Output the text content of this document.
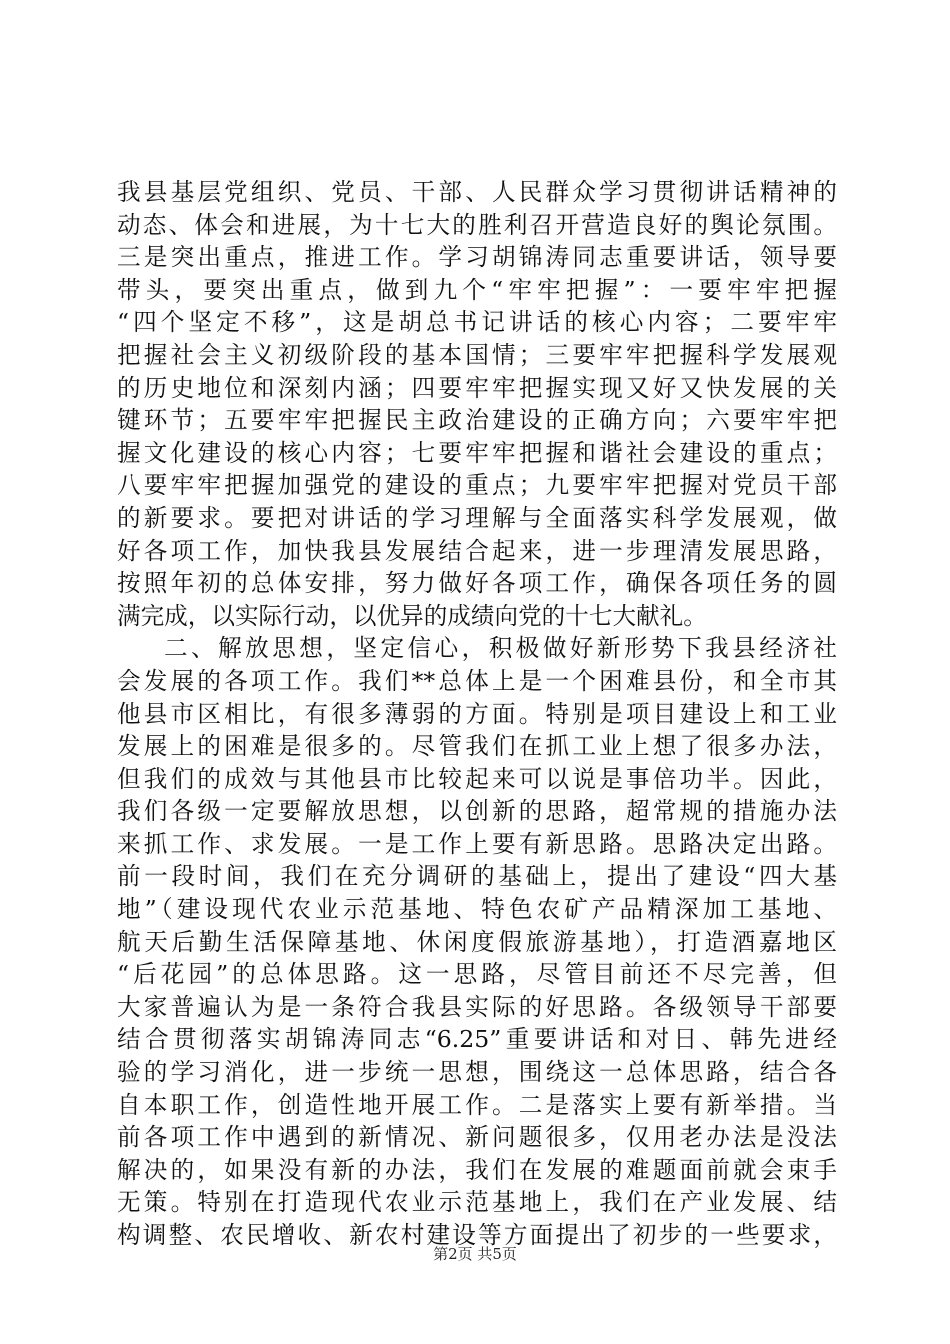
我县基层党组织、党员、干部、人民群众学习贯彻讲话精神的
动态、体会和进展，为十七大的胜利召开营造良好的舆论氛围。
三是突出重点，推进工作。学习胡锦涛同志重要讲话，领导要
带头，要突出重点，做到九个“牢牢把握”：一要牢牢把握
“四个坚定不移”，这是胡总书记讲话的核心内容；二要牢牢
把握社会主义初级阶段的基本国情；三要牢牢把握科学发展观
的历史地位和深刻内涵；四要牢牢把握实现又好又快发展的关
键环节；五要牢牢把握民主政治建设的正确方向；六要牢牢把
握文化建设的核心内容；七要牢牢把握和谐社会建设的重点；
八要牢牢把握加强党的建设的重点；九要牢牢把握对党员干部
的新要求。要把对讲话的学习理解与全面落实科学发展观，做
好各项工作，加快我县发展结合起来，进一步理清发展思路，
按照年初的总体安排，努力做好各项工作，确保各项任务的圆
满完成，以实际行动，以优异的成绩向党的十七大献礼。
二、解放思想，坚定信心，积极做好新形势下我县经济社
会发展的各项工作。我们**总体上是一个困难县份，和全市其
他县市区相比，有很多薄弱的方面。特别是项目建设上和工业
发展上的困难是很多的。尽管我们在抓工业上想了很多办法，
但我们的成效与其他县市比较起来可以说是事倍功半。因此，
我们各级一定要解放思想，以创新的思路，超常规的措施办法
来抓工作、求发展。一是工作上要有新思路。思路决定出路。
前一段时间，我们在充分调研的基础上，提出了建设“四大基
地”（建设现代农业示范基地、特色农矿产品精深加工基地、
航天后勤生活保障基地、休闲度假旅游基地），打造酒嘉地区
“后花园”的总体思路。这一思路，尽管目前还不尽完善，但
大家普遍认为是一条符合我县实际的好思路。各级领导干部要
结合贯彻落实胡锦涛同志“6.25”重要讲话和对日、韩先进经
验的学习消化，进一步统一思想，围绕这一总体思路，结合各
自本职工作，创造性地开展工作。二是落实上要有新举措。当
前各项工作中遇到的新情况、新问题很多，仅用老办法是没法
解决的，如果没有新的办法，我们在发展的难题面前就会束手
无策。特别在打造现代农业示范基地上，我们在产业发展、结
构调整、农民增收、新农村建设等方面提出了初步的一些要求，
第2页 共5页
